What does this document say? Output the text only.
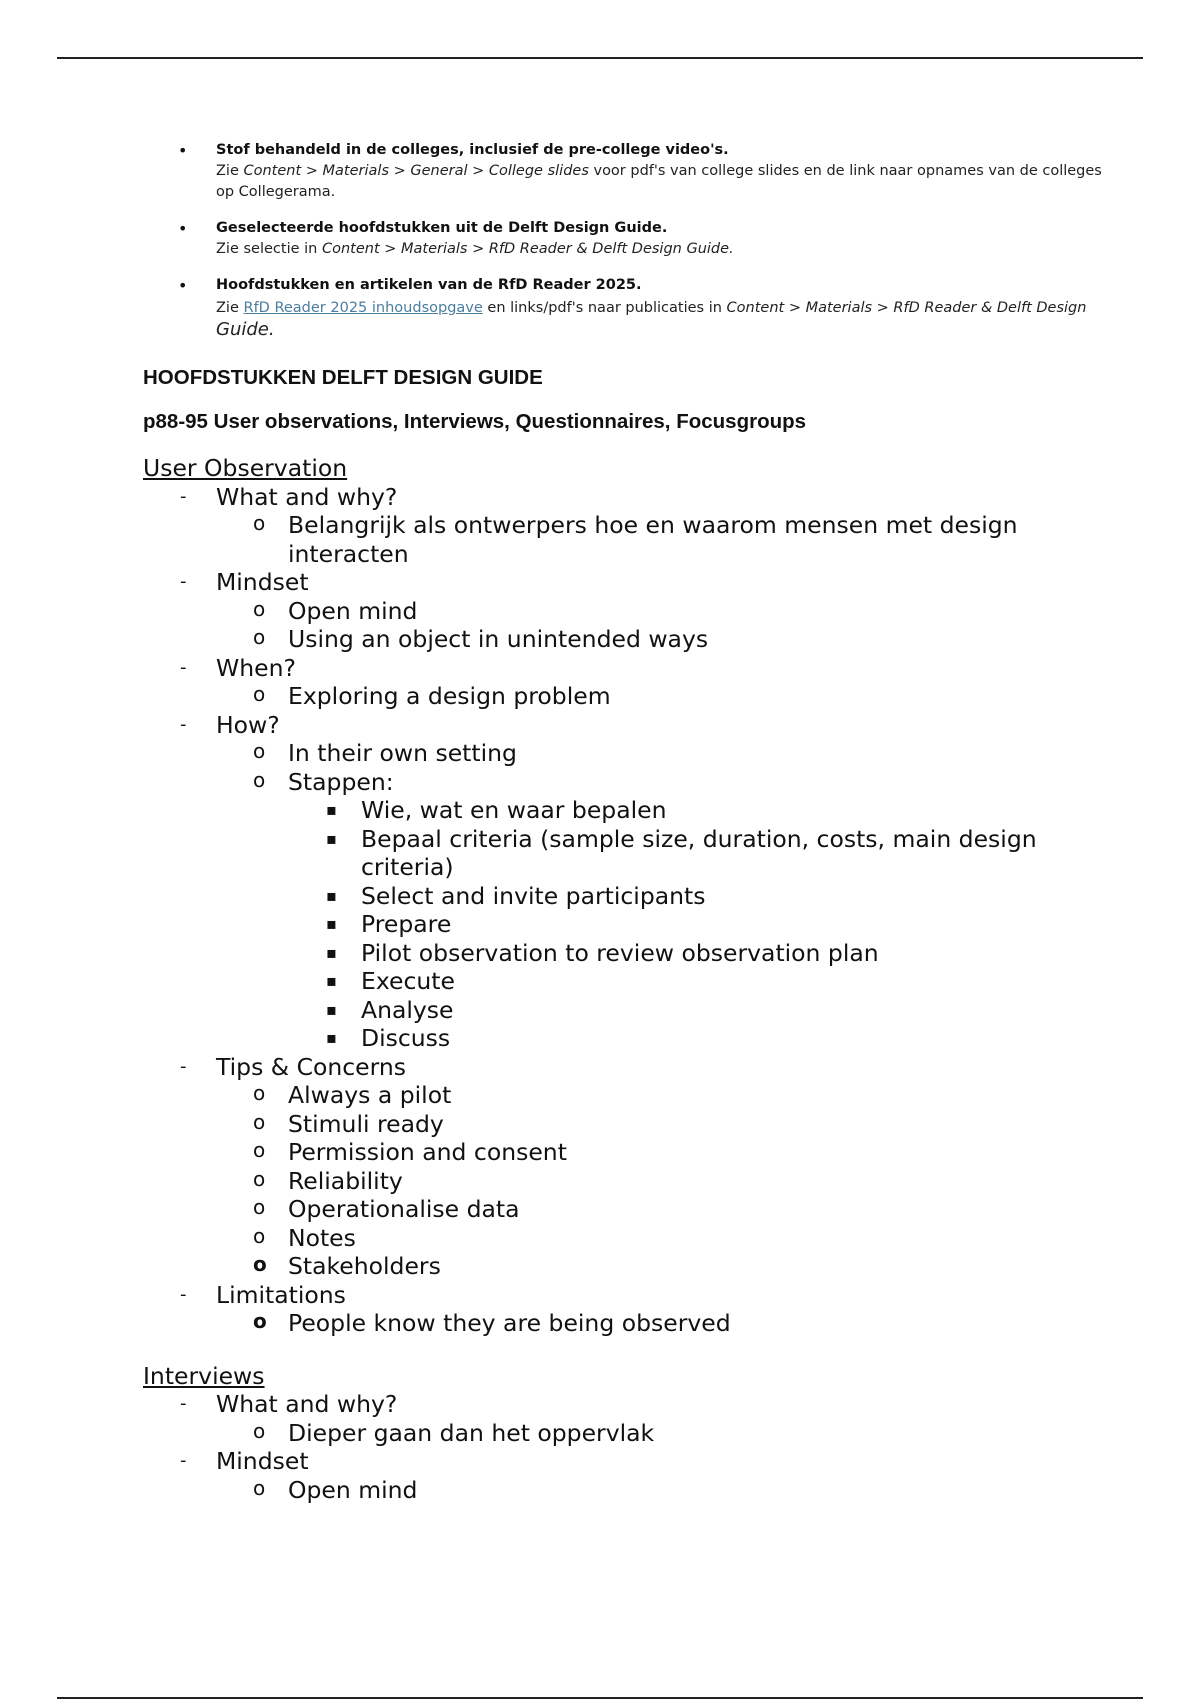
• Stof behandeld in de colleges, inclusief de pre-college video's.
Zie Content > Materials > General > College slides voor pdf's van college slides en de link naar opnames van de colleges op Collegerama.
• Geselecteerde hoofdstukken uit de Delft Design Guide.
Zie selectie in Content > Materials > RfD Reader & Delft Design Guide.
• Hoofdstukken en artikelen van de RfD Reader 2025.
Zie RfD Reader 2025 inhoudsopgave en links/pdf's naar publicaties in Content > Materials > RfD Reader & Delft Design Guide.
HOOFDSTUKKEN DELFT DESIGN GUIDE
p88-95 User observations, Interviews, Questionnaires, Focusgroups
User Observation
- What and why?
o Belangrijk als ontwerpers hoe en waarom mensen met design interacten
- Mindset
o Open mind
o Using an object in unintended ways
- When?
o Exploring a design problem
- How?
o In their own setting
o Stappen:
▪ Wie, wat en waar bepalen
▪ Bepaal criteria (sample size, duration, costs, main design criteria)
▪ Select and invite participants
▪ Prepare
▪ Pilot observation to review observation plan
▪ Execute
▪ Analyse
▪ Discuss
- Tips & Concerns
o Always a pilot
o Stimuli ready
o Permission and consent
o Reliability
o Operationalise data
o Notes
o Stakeholders
- Limitations
o People know they are being observed
Interviews
- What and why?
o Dieper gaan dan het oppervlak
- Mindset
o Open mind
